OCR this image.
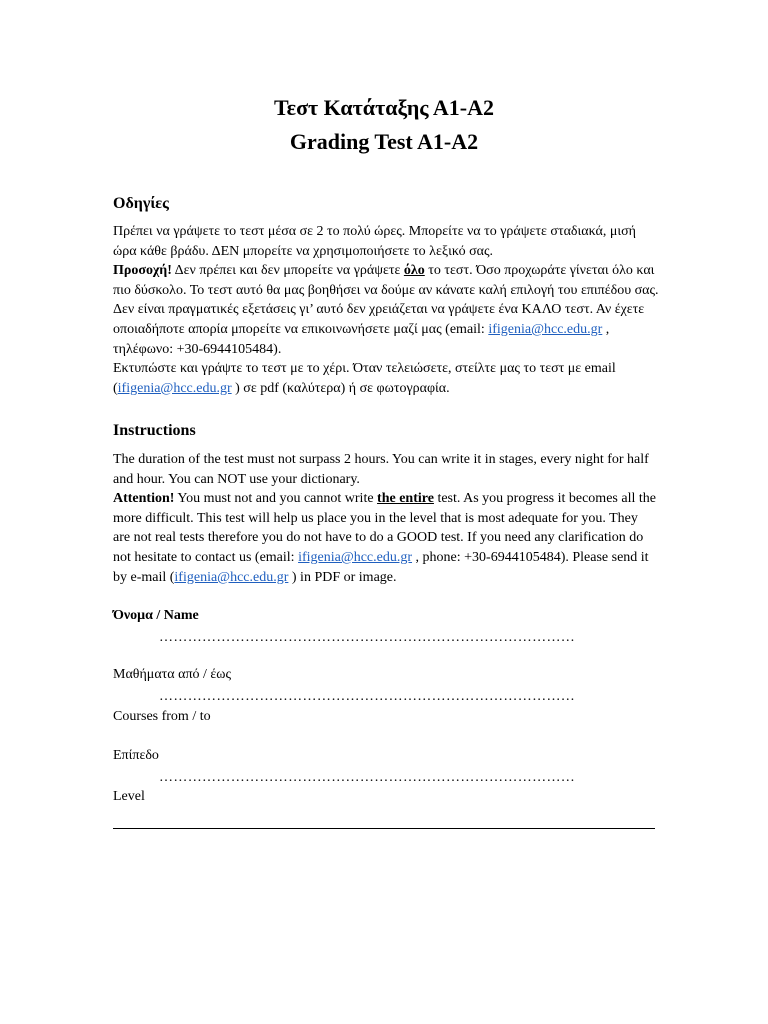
Τεστ Κατάταξης Α1-Α2
Grading Test A1-A2
Οδηγίες
Πρέπει να γράψετε το τεστ μέσα σε 2 το πολύ ώρες. Μπορείτε να το γράψετε σταδιακά, μισή
ώρα κάθε βράδυ. ΔΕΝ μπορείτε να χρησιμοποιήσετε το λεξικό σας.
Προσοχή! Δεν πρέπει και δεν μπορείτε να γράψετε όλο το τεστ. Όσο προχωράτε γίνεται όλο και
πιο δύσκολο. Το τεστ αυτό θα μας βοηθήσει να δούμε αν κάνατε καλή επιλογή του επιπέδου σας.
Δεν είναι πραγματικές εξετάσεις γι’ αυτό δεν χρειάζεται να γράψετε ένα ΚΑΛΟ τεστ. Αν έχετε
οποιαδήποτε απορία μπορείτε να επικοινωνήσετε μαζί μας (email: ifigenia@hcc.edu.gr ,
τηλέφωνο: +30-6944105484).
Εκτυπώστε και γράψτε το τεστ με το χέρι. Όταν τελειώσετε, στείλτε μας το τεστ με email
(ifigenia@hcc.edu.gr ) σε pdf (καλύτερα) ή σε φωτογραφία.
Instructions
The duration of the test must not surpass 2 hours. You can write it in stages, every night for half
and hour. You can NOT use your dictionary.
Attention! You must not and you cannot write the entire test. As you progress it becomes all the
more difficult. This test will help us place you in the level that is most adequate for you. They
are not real tests therefore you do not have to do a GOOD test. If you need any clarification do
not hesitate to contact us (email: ifigenia@hcc.edu.gr , phone: +30-6944105484). Please send it
by e-mail (ifigenia@hcc.edu.gr ) in PDF or image.
Όνομα / Name
……………………………………………………………………………
Μαθήματα από / έως
……………………………………………………………………………
Courses from / to
Επίπεδο
……………………………………………………………………………
Level
